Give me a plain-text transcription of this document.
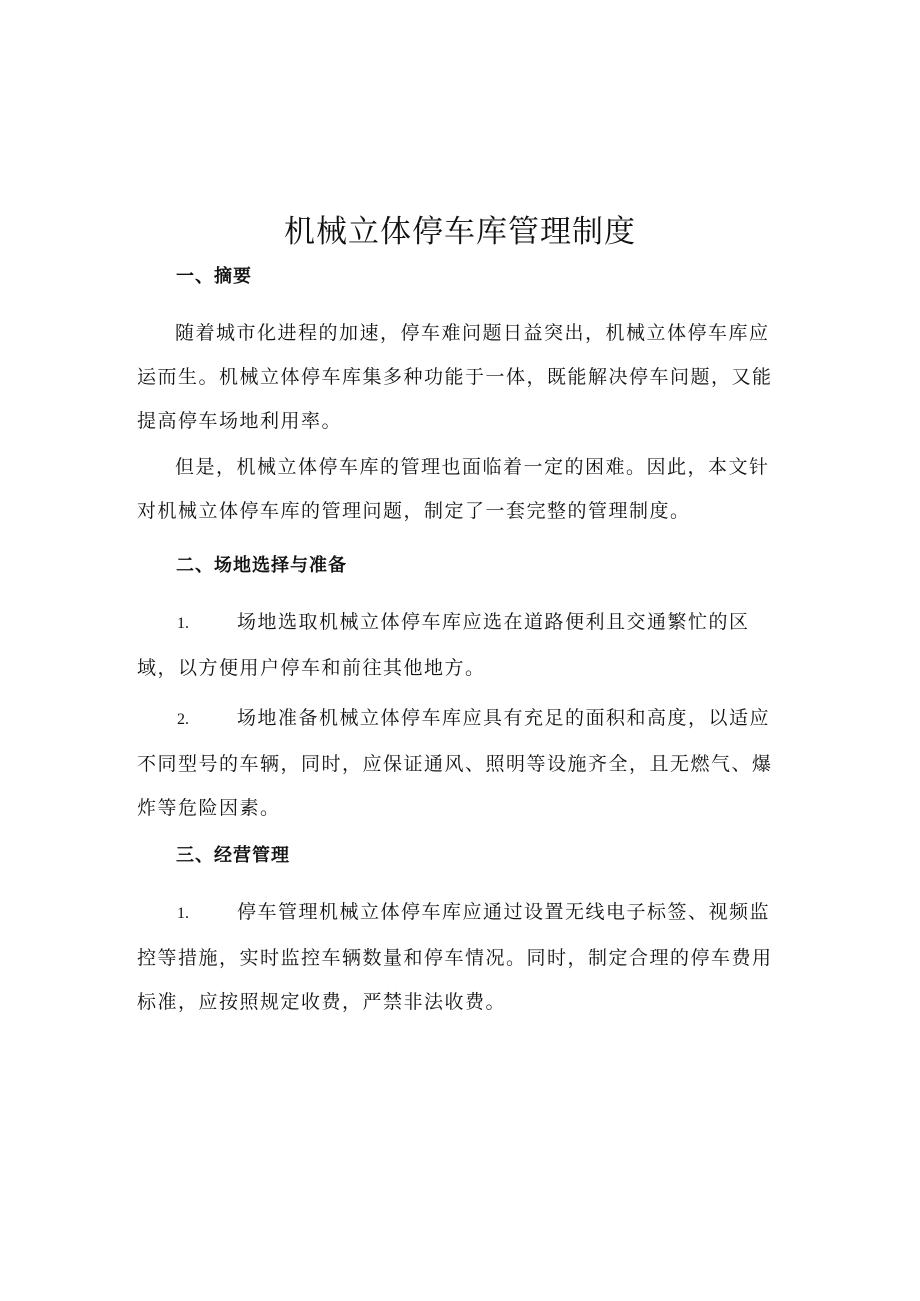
机械立体停车库管理制度
一、摘要

随着城市化进程的加速，停车难问题日益突出，机械立体停车库应运而生。机械立体停车库集多种功能于一体，既能解决停车问题，又能提高停车场地利用率。

但是，机械立体停车库的管理也面临着一定的困难。因此，本文针对机械立体停车库的管理问题，制定了一套完整的管理制度。

二、场地选择与准备

1.	场地选取机械立体停车库应选在道路便利且交通繁忙的区域，以方便用户停车和前往其他地方。

2.	场地准备机械立体停车库应具有充足的面积和高度，以适应不同型号的车辆，同时，应保证通风、照明等设施齐全，且无燃气、爆炸等危险因素。

三、经营管理

1.	停车管理机械立体停车库应通过设置无线电子标签、视频监控等措施，实时监控车辆数量和停车情况。同时，制定合理的停车费用标准，应按照规定收费，严禁非法收费。
